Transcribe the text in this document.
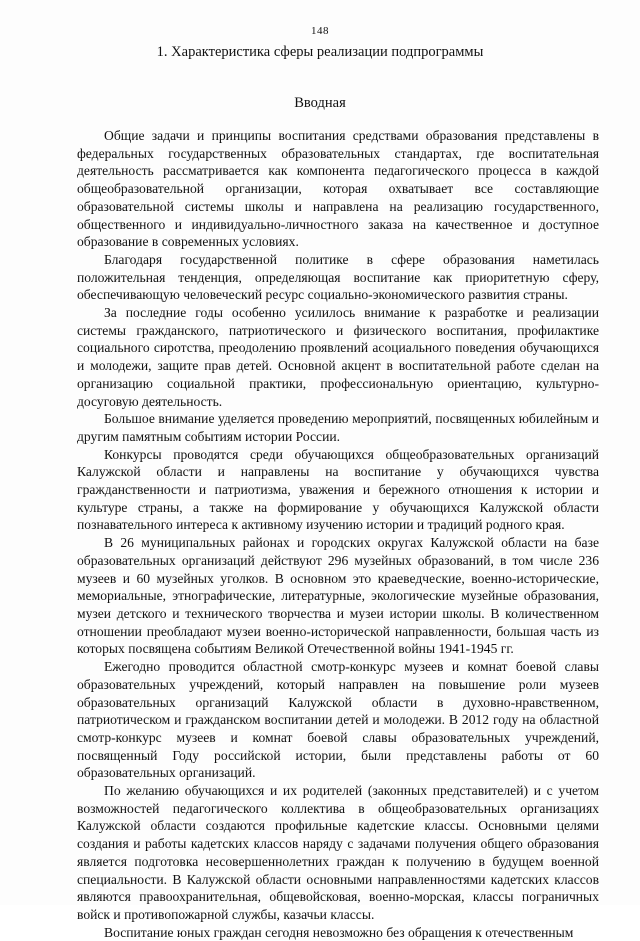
148
1. Характеристика сферы реализации подпрограммы
Вводная

Общие задачи и принципы воспитания средствами образования представлены в федеральных государственных образовательных стандартах, где воспитательная деятельность рассматривается как компонента педагогического процесса в каждой общеобразовательной организации, которая охватывает все составляющие образовательной системы школы и направлена на реализацию государственного, общественного и индивидуально-личностного заказа на качественное и доступное образование в современных условиях.

Благодаря государственной политике в сфере образования наметилась положительная тенденция, определяющая воспитание как приоритетную сферу, обеспечивающую человеческий ресурс социально-экономического развития страны.

За последние годы особенно усилилось внимание к разработке и реализации системы гражданского, патриотического и физического воспитания, профилактике социального сиротства, преодолению проявлений асоциального поведения обучающихся и молодежи, защите прав детей. Основной акцент в воспитательной работе сделан на организацию социальной практики, профессиональную ориентацию, культурно-досуговую деятельность.

Большое внимание уделяется проведению мероприятий, посвященных юбилейным и другим памятным событиям истории России.

Конкурсы проводятся среди обучающихся общеобразовательных организаций Калужской области и направлены на воспитание у обучающихся чувства гражданственности и патриотизма, уважения и бережного отношения к истории и культуре страны, а также на формирование у обучающихся Калужской области познавательного интереса к активному изучению истории и традиций родного края.

В 26 муниципальных районах и городских округах Калужской области на базе образовательных организаций действуют 296 музейных образований, в том числе 236 музеев и 60 музейных уголков. В основном это краеведческие, военно-исторические, мемориальные, этнографические, литературные, экологические музейные образования, музеи детского и технического творчества и музеи истории школы. В количественном отношении преобладают музеи военно-исторической направленности, большая часть из которых посвящена событиям Великой Отечественной войны 1941-1945 гг.

Ежегодно проводится областной смотр-конкурс музеев и комнат боевой славы образовательных учреждений, который направлен на повышение роли музеев образовательных организаций Калужской области в духовно-нравственном, патриотическом и гражданском воспитании детей и молодежи. В 2012 году на областной смотр-конкурс музеев и комнат боевой славы образовательных учреждений, посвященный Году российской истории, были представлены работы от 60 образовательных организаций.

По желанию обучающихся и их родителей (законных представителей) и с учетом возможностей педагогического коллектива в общеобразовательных организациях Калужской области создаются профильные кадетские классы. Основными целями создания и работы кадетских классов наряду с задачами получения общего образования является подготовка несовершеннолетних граждан к получению в будущем военной специальности. В Калужской области основными направленностями кадетских классов являются правоохранительная, общевойсковая, военно-морская, классы пограничных войск и противопожарной службы, казачьи классы.

Воспитание юных граждан сегодня невозможно без обращения к отечественным
